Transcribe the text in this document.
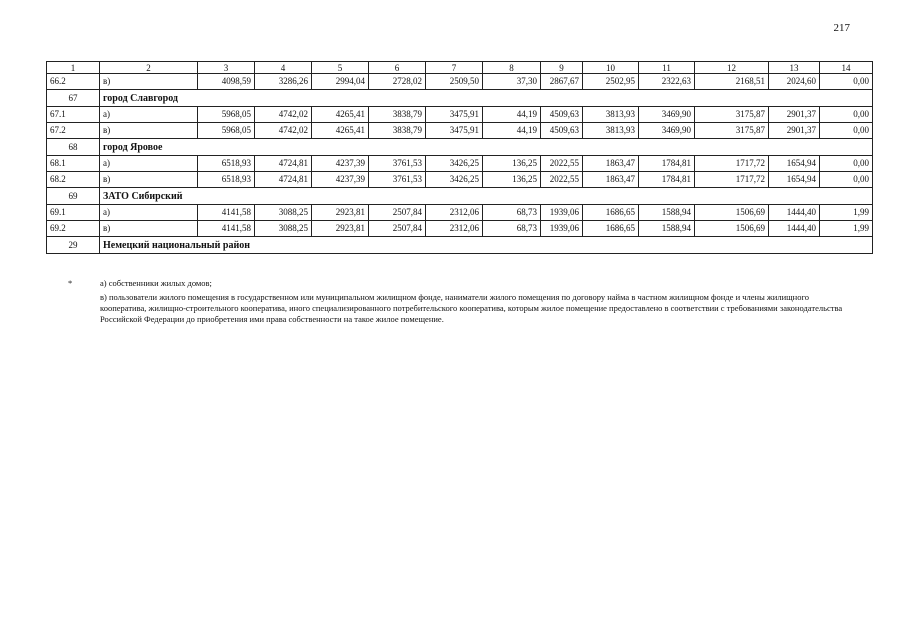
217
1	2	3	4	5	6	7	8	9	10	11	12	13	14
66.2	в)	4098,59	3286,26	2994,04	2728,02	2509,50	37,30	2867,67	2502,95	2322,63	2168,51	2024,60	0,00
67	город Славгород												
67.1	а)	5968,05	4742,02	4265,41	3838,79	3475,91	44,19	4509,63	3813,93	3469,90	3175,87	2901,37	0,00
67.2	в)	5968,05	4742,02	4265,41	3838,79	3475,91	44,19	4509,63	3813,93	3469,90	3175,87	2901,37	0,00
68	город Яровое												
68.1	а)	6518,93	4724,81	4237,39	3761,53	3426,25	136,25	2022,55	1863,47	1784,81	1717,72	1654,94	0,00
68.2	в)	6518,93	4724,81	4237,39	3761,53	3426,25	136,25	2022,55	1863,47	1784,81	1717,72	1654,94	0,00
69	ЗАТО Сибирский												
69.1	а)	4141,58	3088,25	2923,81	2507,84	2312,06	68,73	1939,06	1686,65	1588,94	1506,69	1444,40	1,99
69.2	в)	4141,58	3088,25	2923,81	2507,84	2312,06	68,73	1939,06	1686,65	1588,94	1506,69	1444,40	1,99
29	Немецкий национальный район												
*	а) собственники жилых домов;

в) пользователи жилого помещения в государственном или муниципальном жилищном фонде, наниматели жилого помещения по договору найма в частном жилищном фонде и члены жилищного кооператива, жилищно-строительного кооператива, иного специализированного потребительского кооператива, которым жилое помещение предоставлено в соответствии с требованиями законодательства Российской Федерации до приобретения ими права собственности на такое жилое помещение.
